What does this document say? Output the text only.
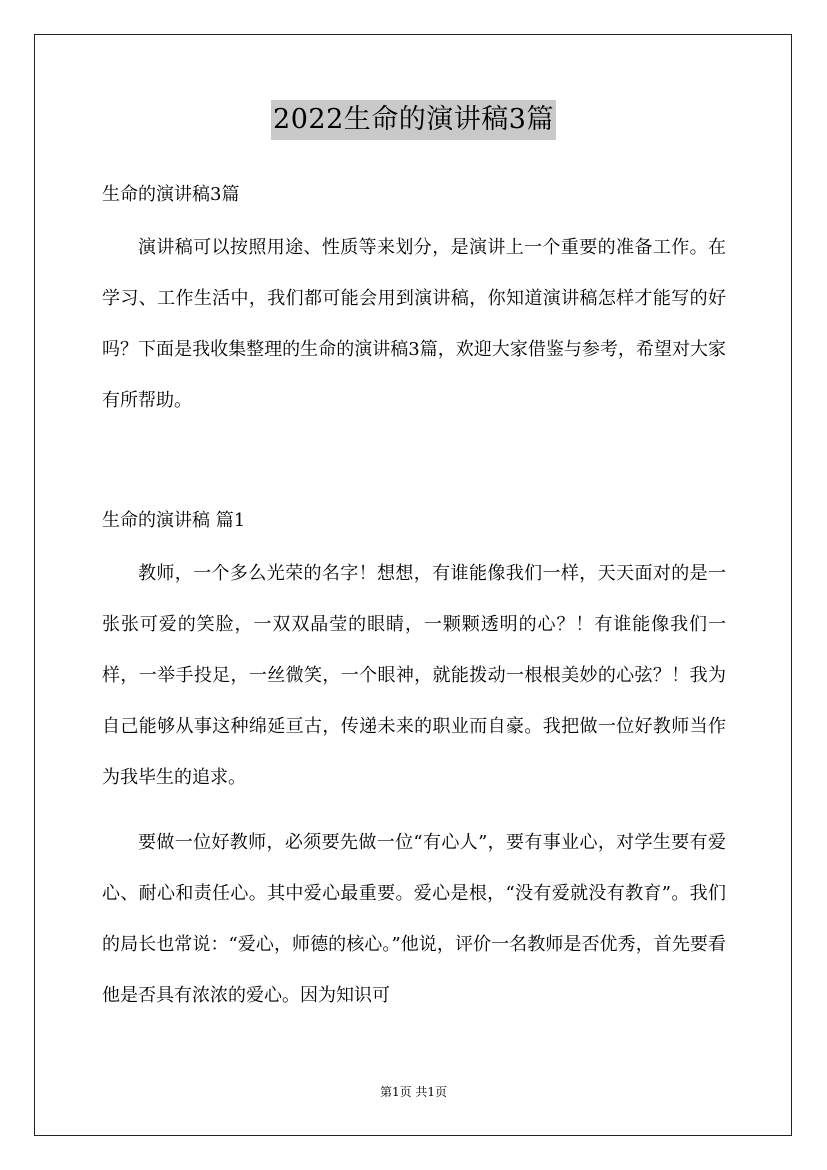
2022生命的演讲稿3篇
生命的演讲稿3篇
演讲稿可以按照用途、性质等来划分，是演讲上一个重要的准备工作。在学习、工作生活中，我们都可能会用到演讲稿，你知道演讲稿怎样才能写的好吗？下面是我收集整理的生命的演讲稿3篇，欢迎大家借鉴与参考，希望对大家有所帮助。
生命的演讲稿 篇1
教师，一个多么光荣的名字！想想，有谁能像我们一样，天天面对的是一张张可爱的笑脸，一双双晶莹的眼睛，一颗颗透明的心？！有谁能像我们一样，一举手投足，一丝微笑，一个眼神，就能拨动一根根美妙的心弦？！我为自己能够从事这种绵延亘古，传递未来的职业而自豪。我把做一位好教师当作为我毕生的追求。
要做一位好教师，必须要先做一位“有心人”，要有事业心，对学生要有爱心、耐心和责任心。其中爱心最重要。爱心是根，“没有爱就没有教育”。我们的局长也常说：“爱心，师德的核心。”他说，评价一名教师是否优秀，首先要看他是否具有浓浓的爱心。因为知识可
第1页 共1页
